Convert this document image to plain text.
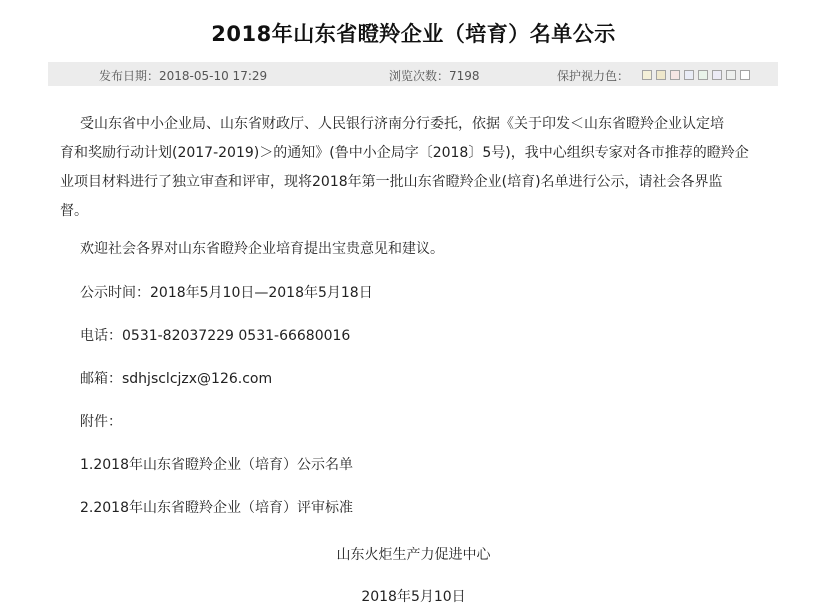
2018年山东省瞪羚企业（培育）名单公示
发布日期：2018-05-10 17:29	浏览次数：7198	保护视力色：
受山东省中小企业局、山东省财政厅、人民银行济南分行委托，依据《关于印发＜山东省瞪羚企业认定培
育和奖励行动计划(2017-2019)＞的通知》(鲁中小企局字〔2018〕5号)，我中心组织专家对各市推荐的瞪羚企
业项目材料进行了独立审查和评审，现将2018年第一批山东省瞪羚企业(培育)名单进行公示，请社会各界监
督。
欢迎社会各界对山东省瞪羚企业培育提出宝贵意见和建议。
公示时间：2018年5月10日—2018年5月18日
电话：0531-82037229 0531-66680016
邮箱：sdhjsclcjzx@126.com
附件：
1.2018年山东省瞪羚企业（培育）公示名单
2.2018年山东省瞪羚企业（培育）评审标准
山东火炬生产力促进中心
2018年5月10日
